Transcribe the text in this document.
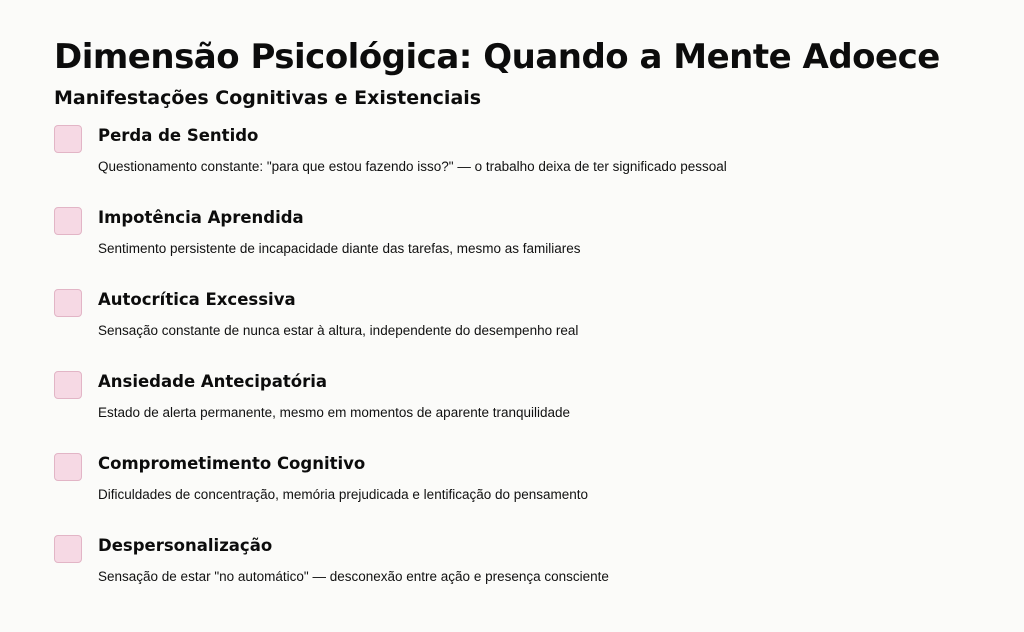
Dimensão Psicológica: Quando a Mente Adoece
Manifestações Cognitivas e Existenciais

Perda de Sentido

Questionamento constante: "para que estou fazendo isso?" — o trabalho deixa de ter significado pessoal

Impotência Aprendida

Sentimento persistente de incapacidade diante das tarefas, mesmo as familiares

Autocrítica Excessiva

Sensação constante de nunca estar à altura, independente do desempenho real

Ansiedade Antecipatória

Estado de alerta permanente, mesmo em momentos de aparente tranquilidade

Comprometimento Cognitivo

Dificuldades de concentração, memória prejudicada e lentificação do pensamento

Despersonalização

Sensação de estar "no automático" — desconexão entre ação e presença consciente
